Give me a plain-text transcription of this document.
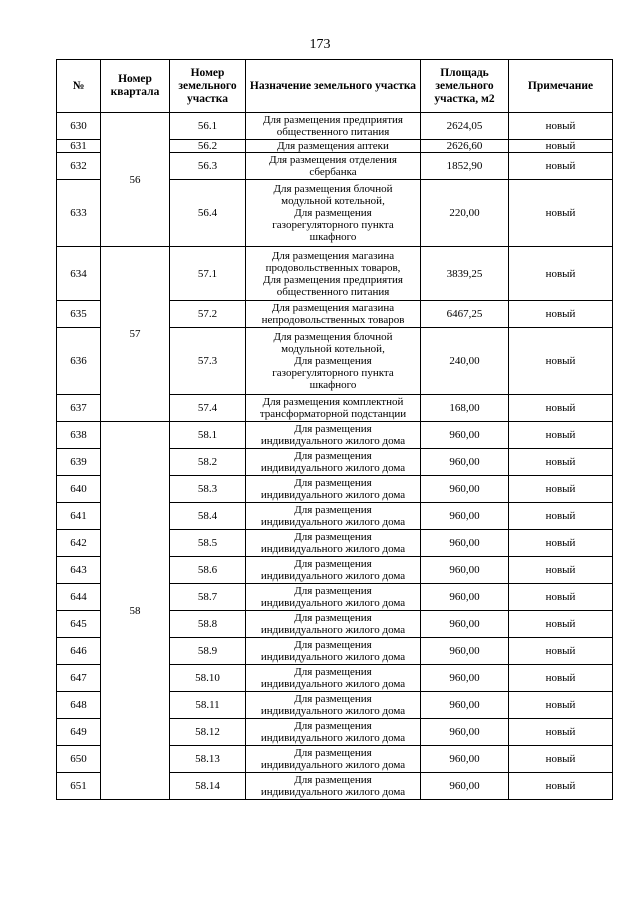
173
№	Номер квартала	Номер земельного участка	Назначение земельного участка	Площадь земельного участка, м2	Примечание
630	56	56.1	Для размещения предприятия
общественного питания	2624,05	новый
631		56.2	Для размещения аптеки	2626,60	новый
632		56.3	Для размещения отделения
сбербанка	1852,90	новый
633		56.4	Для размещения блочной
модульной котельной,
Для размещения
газорегуляторного пункта
шкафного	220,00	новый
634	57	57.1	Для размещения магазина
продовольственных товаров,
Для размещения предприятия
общественного питания	3839,25	новый
635		57.2	Для размещения магазина
непродовольственных товаров	6467,25	новый
636		57.3	Для размещения блочной
модульной котельной,
Для размещения
газорегуляторного пункта
шкафного	240,00	новый
637		57.4	Для размещения комплектной
трансформаторной подстанции	168,00	новый
638	58	58.1	Для размещения
индивидуального жилого дома	960,00	новый
639		58.2	Для размещения
индивидуального жилого дома	960,00	новый
640		58.3	Для размещения
индивидуального жилого дома	960,00	новый
641		58.4	Для размещения
индивидуального жилого дома	960,00	новый
642		58.5	Для размещения
индивидуального жилого дома	960,00	новый
643		58.6	Для размещения
индивидуального жилого дома	960,00	новый
644		58.7	Для размещения
индивидуального жилого дома	960,00	новый
645		58.8	Для размещения
индивидуального жилого дома	960,00	новый
646		58.9	Для размещения
индивидуального жилого дома	960,00	новый
647		58.10	Для размещения
индивидуального жилого дома	960,00	новый
648		58.11	Для размещения
индивидуального жилого дома	960,00	новый
649		58.12	Для размещения
индивидуального жилого дома	960,00	новый
650		58.13	Для размещения
индивидуального жилого дома	960,00	новый
651		58.14	Для размещения
индивидуального жилого дома	960,00	новый
